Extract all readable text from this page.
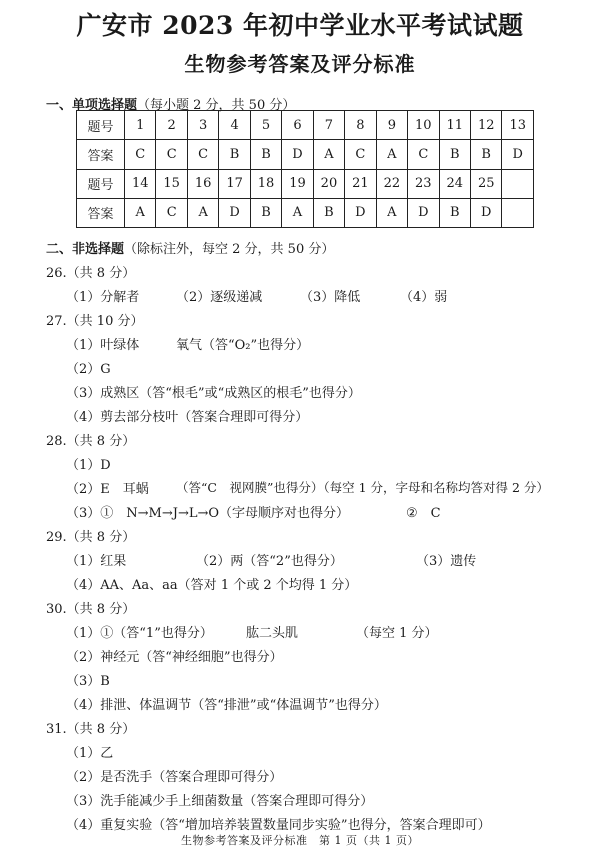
广安市 2023 年初中学业水平考试试题
生物参考答案及评分标准
一、单项选择题（每小题 2 分，共 50 分）
题号	1	2	3	4	5	6	7	8	9	10	11	12	13
答案	C	C	C	B	B	D	A	C	A	C	B	B	D
题号	14	15	16	17	18	19	20	21	22	23	24	25	
答案	A	C	A	D	B	A	B	D	A	D	B	D	
二、非选择题（除标注外，每空 2 分，共 50 分）
26.（共 8 分）
（1）分解者	（2）逐级递减	（3）降低	（4）弱
27.（共 10 分）
（1）叶绿体	氧气（答“O₂”也得分）
（2）G
（3）成熟区（答“根毛”或“成熟区的根毛”也得分）
（4）剪去部分枝叶（答案合理即可得分）
28.（共 8 分）
（1）D
（2）E　耳蜗 （答“C　视网膜”也得分）（每空 1 分，字母和名称均答对得 2 分）
（3）①　N→M→J→L→O（字母顺序对也得分）	②　C
29.（共 8 分）
（1）红果	（2）两（答“2”也得分）	（3）遗传
（4）AA、Aa、aa（答对 1 个或 2 个均得 1 分）
30.（共 8 分）
（1）①（答“1”也得分）	肱二头肌	（每空 1 分）
（2）神经元（答“神经细胞”也得分）
（3）B
（4）排泄、体温调节（答“排泄”或“体温调节”也得分）
31.（共 8 分）
（1）乙
（2）是否洗手（答案合理即可得分）
（3）洗手能减少手上细菌数量（答案合理即可得分）
（4）重复实验（答“增加培养装置数量同步实验”也得分，答案合理即可）
生物参考答案及评分标准　第 1 页（共 1 页）
